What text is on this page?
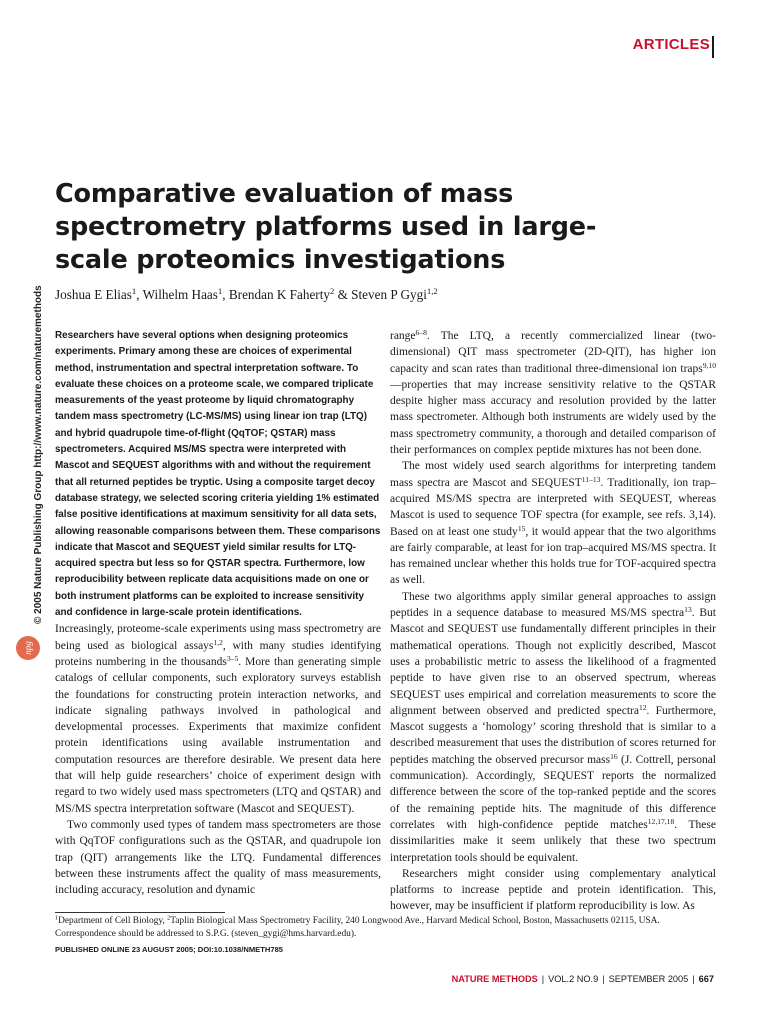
ARTICLES
© 2005 Nature Publishing Group http://www.nature.com/naturemethods
npg
Comparative evaluation of mass spectrometry platforms used in large-scale proteomics investigations
Joshua E Elias$^1$, Wilhelm Haas$^1$, Brendan K Faherty$^2$ & Steven P Gygi$^{1,2}$

Researchers have several options when designing proteomics experiments. Primary among these are choices of experimental method, instrumentation and spectral interpretation software. To evaluate these choices on a proteome scale, we compared triplicate measurements of the yeast proteome by liquid chromatography tandem mass spectrometry (LC-MS/MS) using linear ion trap (LTQ) and hybrid quadrupole time-of-flight (QqTOF; QSTAR) mass spectrometers. Acquired MS/MS spectra were interpreted with Mascot and SEQUEST algorithms with and without the requirement that all returned peptides be tryptic. Using a composite target decoy database strategy, we selected scoring criteria yielding 1% estimated false positive identifications at maximum sensitivity for all data sets, allowing reasonable comparisons between them. These comparisons indicate that Mascot and SEQUEST yield similar results for LTQ-acquired spectra but less so for QSTAR spectra. Furthermore, low reproducibility between replicate data acquisitions made on one or both instrument platforms can be exploited to increase sensitivity and confidence in large-scale protein identifications.

Increasingly, proteome-scale experiments using mass spectrometry are being used as biological assays$^{1,2}$, with many studies identifying proteins numbering in the thousands$^{3-5}$. More than generating simple catalogs of cellular components, such exploratory surveys establish the foundations for constructing protein interaction networks, and indicate signaling pathways involved in pathological and developmental processes. Experiments that maximize confident protein identifications using available instrumentation and computation resources are therefore desirable. We present data here that will help guide researchers’ choice of experiment design with regard to two widely used mass spectrometers (LTQ and QSTAR) and MS/MS spectra interpretation software (Mascot and SEQUEST).

Two commonly used types of tandem mass spectrometers are those with QqTOF configurations such as the QSTAR, and quadrupole ion trap (QIT) arrangements like the LTQ. Fundamental differences between these instruments affect the quality of mass measurements, including accuracy, resolution and dynamic

range$^{6-8}$. The LTQ, a recently commercialized linear (two-dimensional) QIT mass spectrometer (2D-QIT), has higher ion capacity and scan rates than traditional three-dimensional ion traps$^{9,10}$—properties that may increase sensitivity relative to the QSTAR despite higher mass accuracy and resolution provided by the latter mass spectrometer. Although both instruments are widely used by the mass spectrometry community, a thorough and detailed comparison of their performances on complex peptide mixtures has not been done.

The most widely used search algorithms for interpreting tandem mass spectra are Mascot and SEQUEST$^{11-13}$. Traditionally, ion trap–acquired MS/MS spectra are interpreted with SEQUEST, whereas Mascot is used to sequence TOF spectra (for example, see refs. 3,14). Based on at least one study$^{15}$, it would appear that the two algorithms are fairly comparable, at least for ion trap–acquired MS/MS spectra. It has remained unclear whether this holds true for TOF-acquired spectra as well.

These two algorithms apply similar general approaches to assign peptides in a sequence database to measured MS/MS spectra$^{13}$. But Mascot and SEQUEST use fundamentally different principles in their mathematical operations. Though not explicitly described, Mascot uses a probabilistic metric to assess the likelihood of a fragmented peptide to have given rise to an observed spectrum, whereas SEQUEST uses empirical and correlation measurements to score the alignment between observed and predicted spectra$^{12}$. Furthermore, Mascot suggests a ‘homology’ scoring threshold that is similar to a described measurement that uses the distribution of scores returned for peptides matching the observed precursor mass$^{16}$ (J. Cottrell, personal communication). Accordingly, SEQUEST reports the normalized difference between the score of the top-ranked peptide and the scores of the remaining peptide hits. The magnitude of this difference correlates with high-confidence peptide matches$^{12,17,18}$. These dissimilarities make it seem unlikely that these two spectrum interpretation tools should be equivalent.

Researchers might consider using complementary analytical platforms to increase peptide and protein identification. This, however, may be insufficient if platform reproducibility is low. As

$^1$Department of Cell Biology, $^2$Taplin Biological Mass Spectrometry Facility, 240 Longwood Ave., Harvard Medical School, Boston, Massachusetts 02115, USA.
Correspondence should be addressed to S.P.G. (steven_gygi@hms.harvard.edu).
PUBLISHED ONLINE 23 AUGUST 2005; DOI:10.1038/NMETH785
NATURE METHODS | VOL.2 NO.9 | SEPTEMBER 2005 | 667
